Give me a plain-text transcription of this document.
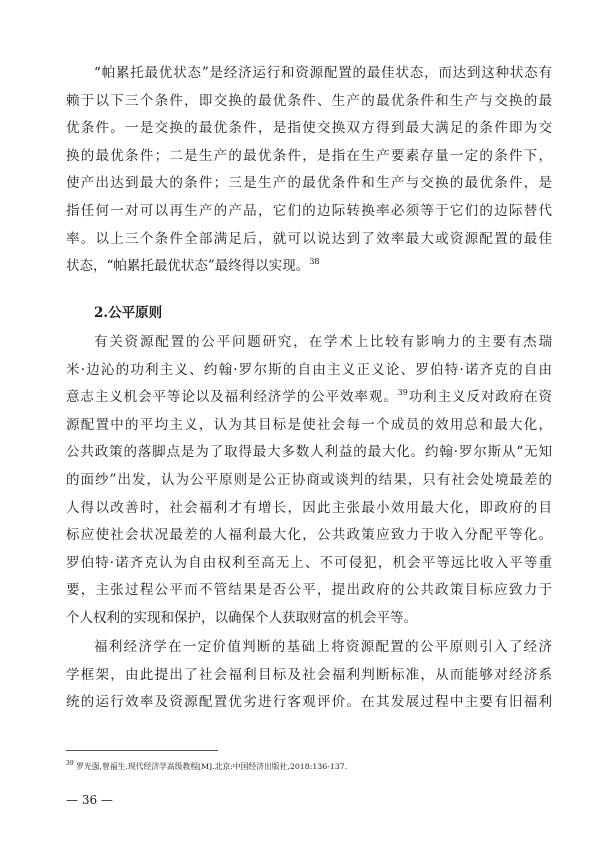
“帕累托最优状态”是经济运行和资源配置的最佳状态，而达到这种状态有
赖于以下三个条件，即交换的最优条件、生产的最优条件和生产与交换的最
优条件。一是交换的最优条件，是指使交换双方得到最大满足的条件即为交
换的最优条件；二是生产的最优条件，是指在生产要素存量一定的条件下，
使产出达到最大的条件；三是生产的最优条件和生产与交换的最优条件，是
指任何一对可以再生产的产品，它们的边际转换率必须等于它们的边际替代
率。以上三个条件全部满足后，就可以说达到了效率最大或资源配置的最佳
状态，“帕累托最优状态”最终得以实现。$^{38}$
2.公平原则
有关资源配置的公平问题研究，在学术上比较有影响力的主要有杰瑞
米·边沁的功利主义、约翰·罗尔斯的自由主义正义论、罗伯特·诺齐克的自由
意志主义机会平等论以及福利经济学的公平效率观。$^{39}$功利主义反对政府在资
源配置中的平均主义，认为其目标是使社会每一个成员的效用总和最大化，
公共政策的落脚点是为了取得最大多数人利益的最大化。约翰·罗尔斯从“无知
的面纱”出发，认为公平原则是公正协商或谈判的结果，只有社会处境最差的
人得以改善时，社会福利才有增长，因此主张最小效用最大化，即政府的目
标应使社会状况最差的人福利最大化，公共政策应致力于收入分配平等化。
罗伯特·诺齐克认为自由权利至高无上、不可侵犯，机会平等远比收入平等重
要，主张过程公平而不管结果是否公平，提出政府的公共政策目标应致力于
个人权利的实现和保护，以确保个人获取财富的机会平等。
福利经济学在一定价值判断的基础上将资源配置的公平原则引入了经济
学框架，由此提出了社会福利目标及社会福利判断标准，从而能够对经济系
统的运行效率及资源配置优劣进行客观评价。在其发展过程中主要有旧福利
$^{39}$ 罗光强,曾福生.现代经济学高级教程[M].北京:中国经济出版社,2018:136-137.
— 36 —
